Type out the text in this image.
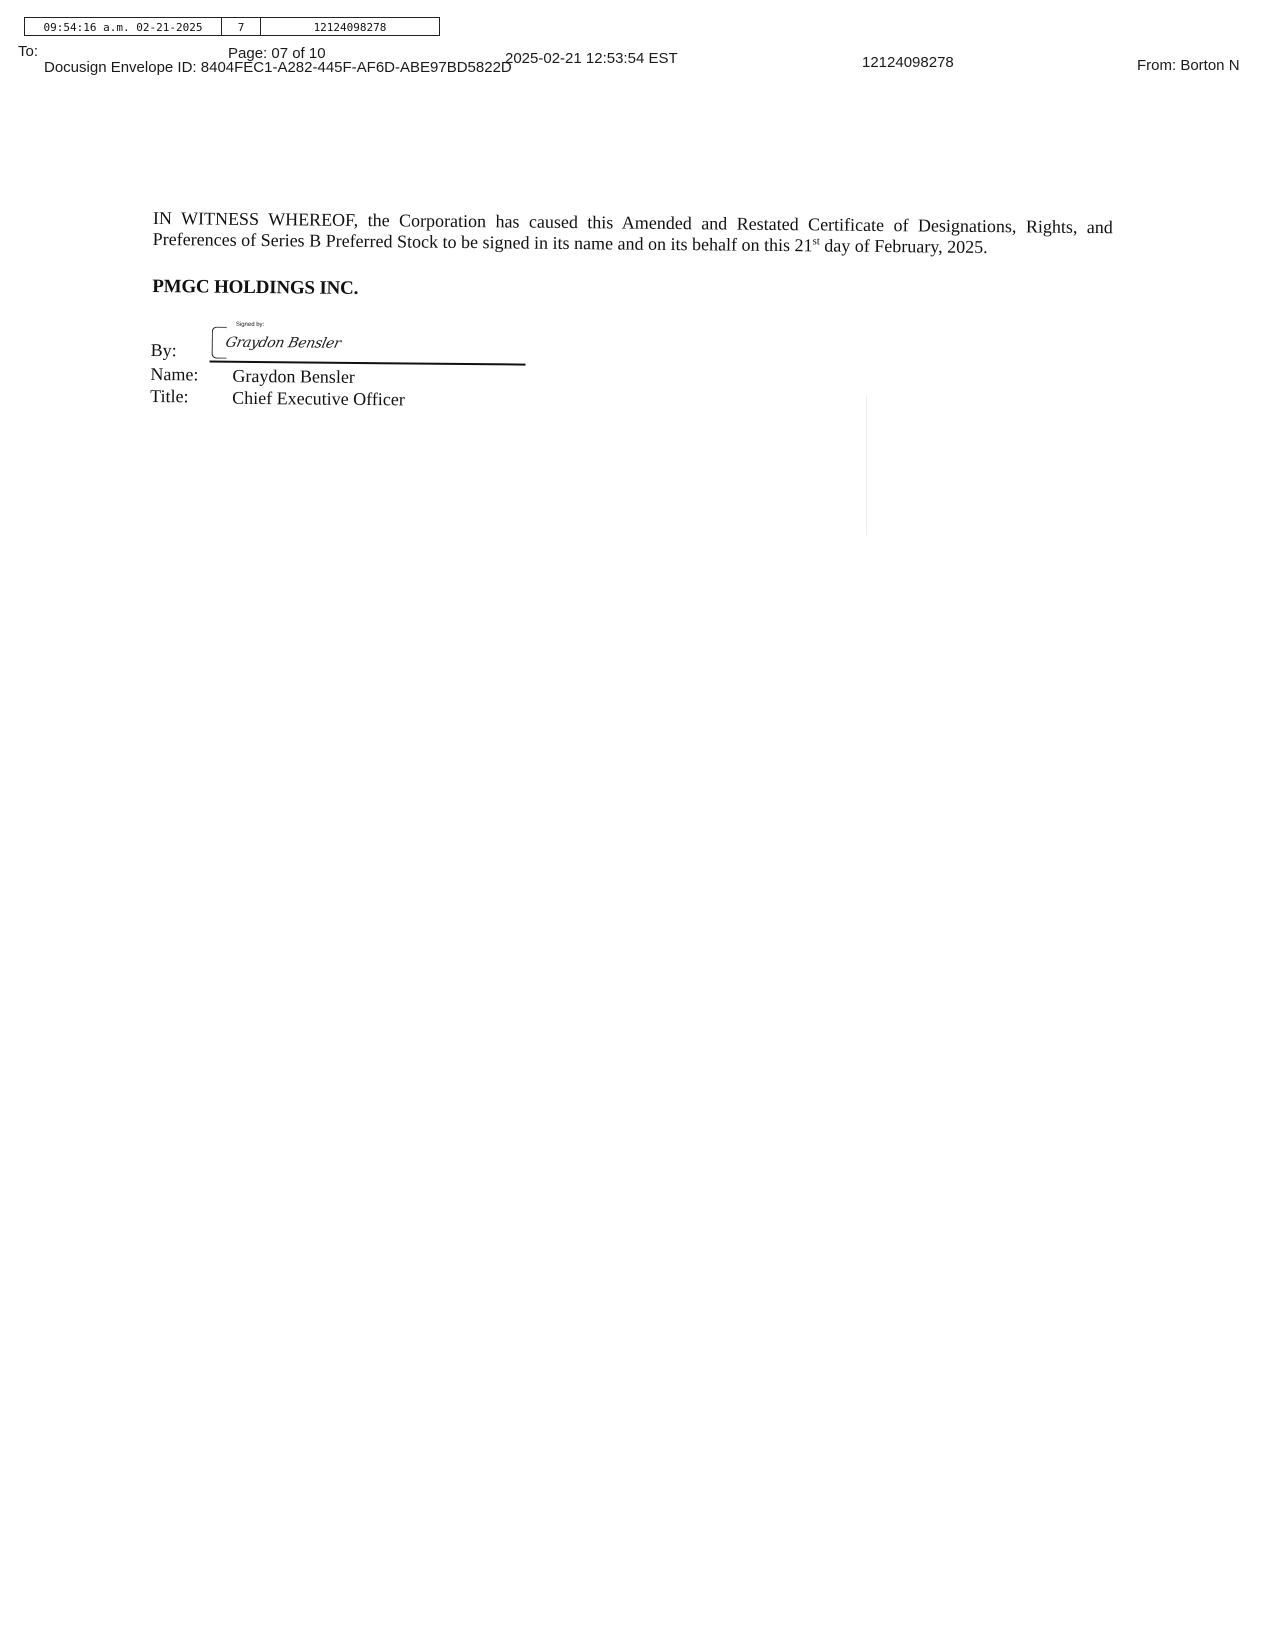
09:54:16 a.m. 02-21-2025	7	12124098278
To:	Page: 07 of 10	2025-02-21 12:53:54 EST	12124098278	From: Borton N
Docusign Envelope ID: 8404FEC1-A282-445F-AF6D-ABE97BD5822D

IN WITNESS WHEREOF, the Corporation has caused this Amended and Restated Certificate of Designations, Rights, and Preferences of Series B Preferred Stock to be signed in its name and on its behalf on this 21st day of February, 2025.

PMGC HOLDINGS INC.

By:
Signed by:
Graydon Bensler
Name: Graydon Bensler
Title: Chief Executive Officer
